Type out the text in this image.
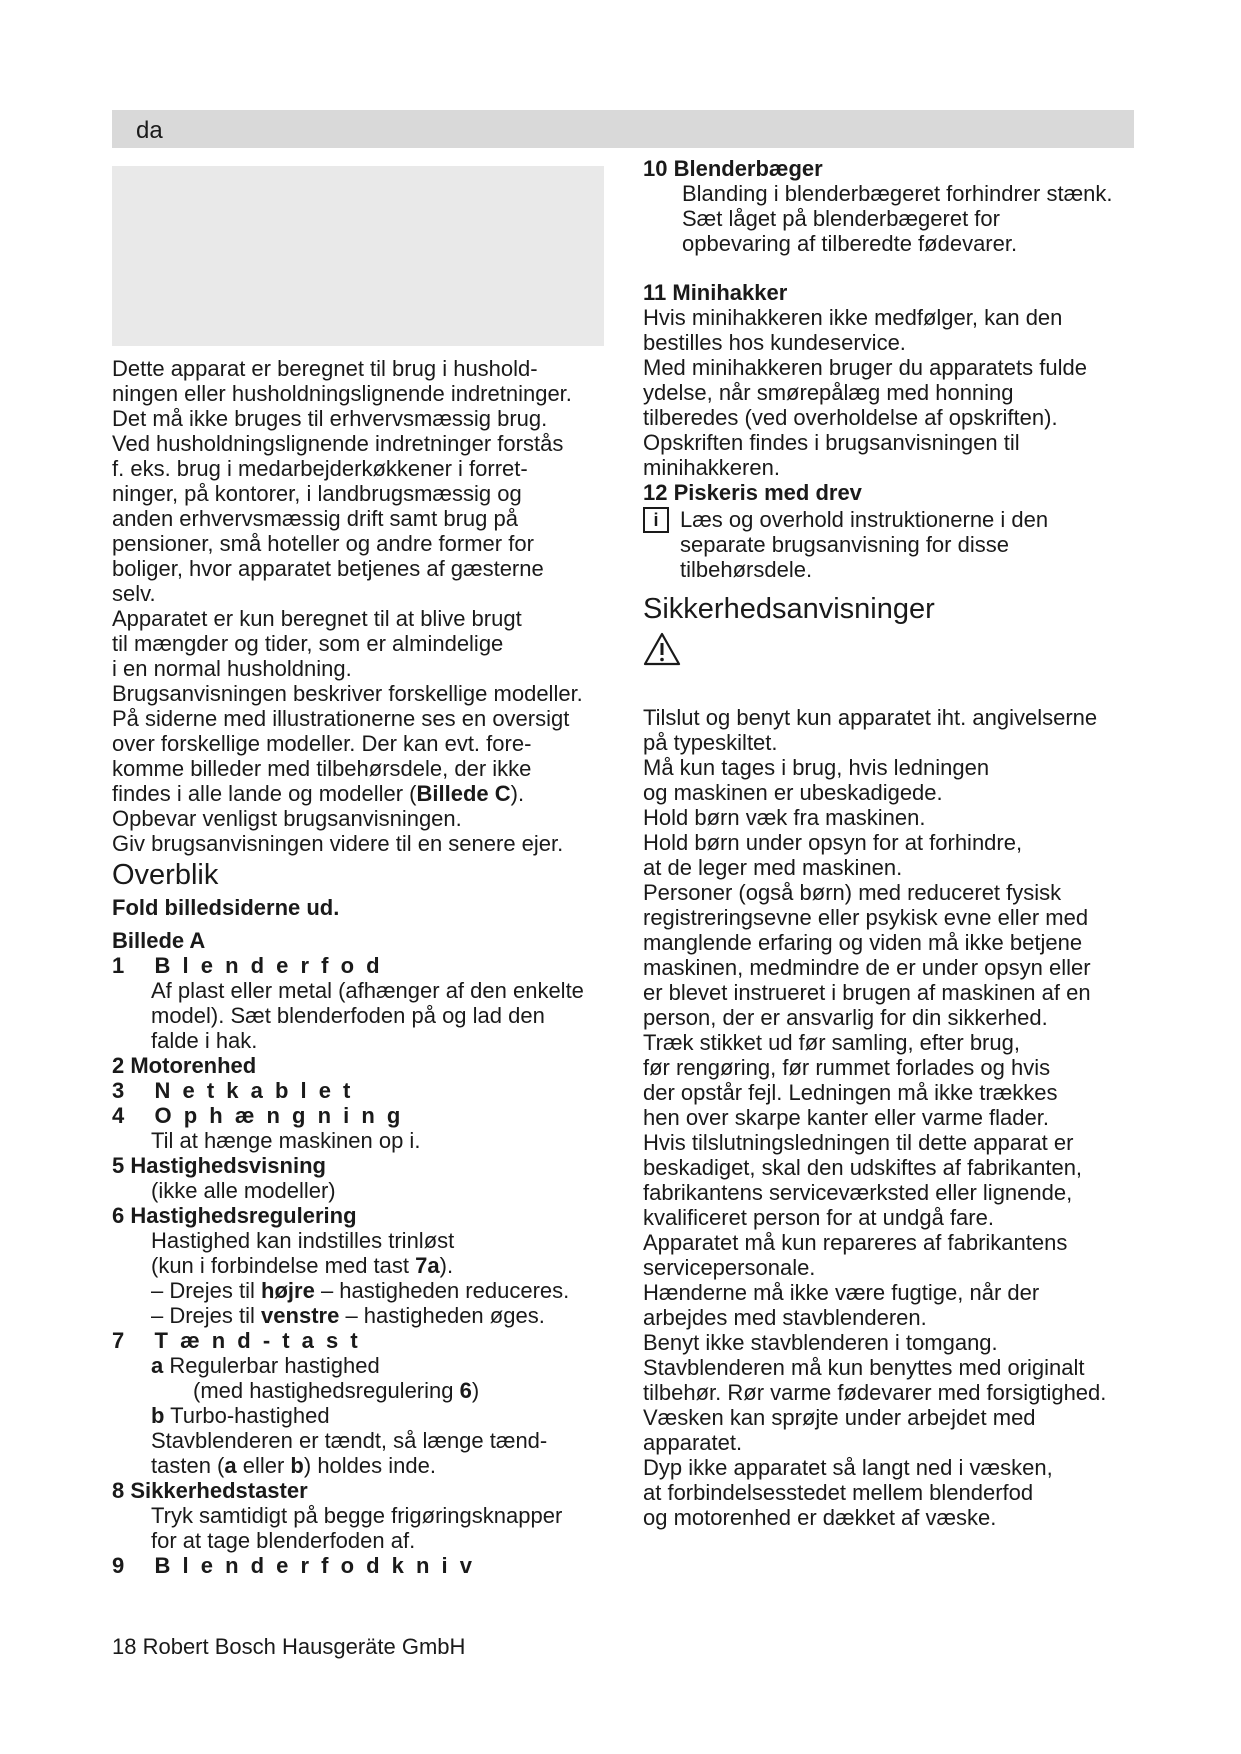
da

Dette apparat er beregnet til brug i hushold-

ningen eller husholdningslignende indretninger.

Det må ikke bruges til erhvervsmæssig brug.

Ved husholdningslignende indretninger forstås

f. eks. brug i medarbejderkøkkener i forret-

ninger, på kontorer, i landbrugsmæssig og

anden erhvervsmæssig drift samt brug på

pensioner, små hoteller og andre former for

boliger, hvor apparatet betjenes af gæsterne

selv.

Apparatet er kun beregnet til at blive brugt

til mængder og tider, som er almindelige

i en normal husholdning.

Brugsanvisningen beskriver forskellige modeller.

På siderne med illustrationerne ses en oversigt

over forskellige modeller. Der kan evt. fore-

komme billeder med tilbehørsdele, der ikke

findes i alle lande og modeller (Billede C).

Opbevar venligst brugsanvisningen.

Giv brugsanvisningen videre til en senere ejer.

Overblik

Fold billedsiderne ud.

Billede A

1 Blenderfod

Af plast eller metal (afhænger af den enkelte

model). Sæt blenderfoden på og lad den

falde i hak.

2 Motorenhed

3 Netkablet

4 Ophængning

Til at hænge maskinen op i.

5 Hastighedsvisning

(ikke alle modeller)

6 Hastighedsregulering

Hastighed kan indstilles trinløst

(kun i forbindelse med tast 7a).

– Drejes til højre – hastigheden reduceres.

– Drejes til venstre – hastigheden øges.

7 Tænd-tast

a Regulerbar hastighed

(med hastighedsregulering 6)

b Turbo-hastighed

Stavblenderen er tændt, så længe tænd-

tasten (a eller b) holdes inde.

8 Sikkerhedstaster

Tryk samtidigt på begge frigøringsknapper

for at tage blenderfoden af.

9 Blenderfodkniv

10 Blenderbæger

Blanding i blenderbægeret forhindrer stænk.

Sæt låget på blenderbægeret for

opbevaring af tilberedte fødevarer.

11 Minihakker

Hvis minihakkeren ikke medfølger, kan den

bestilles hos kundeservice.

Med minihakkeren bruger du apparatets fulde

ydelse, når smørepålæg med honning

tilberedes (ved overholdelse af opskriften).

Opskriften findes i brugsanvisningen til

minihakkeren.

12 Piskeris med drev

i Læs og overhold instruktionerne i den

separate brugsanvisning for disse

tilbehørsdele.

Sikkerhedsanvisninger

Tilslut og benyt kun apparatet iht. angivelserne

på typeskiltet.

Må kun tages i brug, hvis ledningen

og maskinen er ubeskadigede.

Hold børn væk fra maskinen.

Hold børn under opsyn for at forhindre,

at de leger med maskinen.

Personer (også børn) med reduceret fysisk

registreringsevne eller psykisk evne eller med

manglende erfaring og viden må ikke betjene

maskinen, medmindre de er under opsyn eller

er blevet instrueret i brugen af maskinen af en

person, der er ansvarlig for din sikkerhed.

Træk stikket ud før samling, efter brug,

før rengøring, før rummet forlades og hvis

der opstår fejl. Ledningen må ikke trækkes

hen over skarpe kanter eller varme flader.

Hvis tilslutningsledningen til dette apparat er

beskadiget, skal den udskiftes af fabrikanten,

fabrikantens serviceværksted eller lignende,

kvalificeret person for at undgå fare.

Apparatet må kun repareres af fabrikantens

servicepersonale.

Hænderne må ikke være fugtige, når der

arbejdes med stavblenderen.

Benyt ikke stavblenderen i tomgang.

Stavblenderen må kun benyttes med originalt

tilbehør. Rør varme fødevarer med forsigtighed.

Væsken kan sprøjte under arbejdet med

apparatet.

Dyp ikke apparatet så langt ned i væsken,

at forbindelsesstedet mellem blenderfod

og motorenhed er dækket af væske.

18 Robert Bosch Hausgeräte GmbH
